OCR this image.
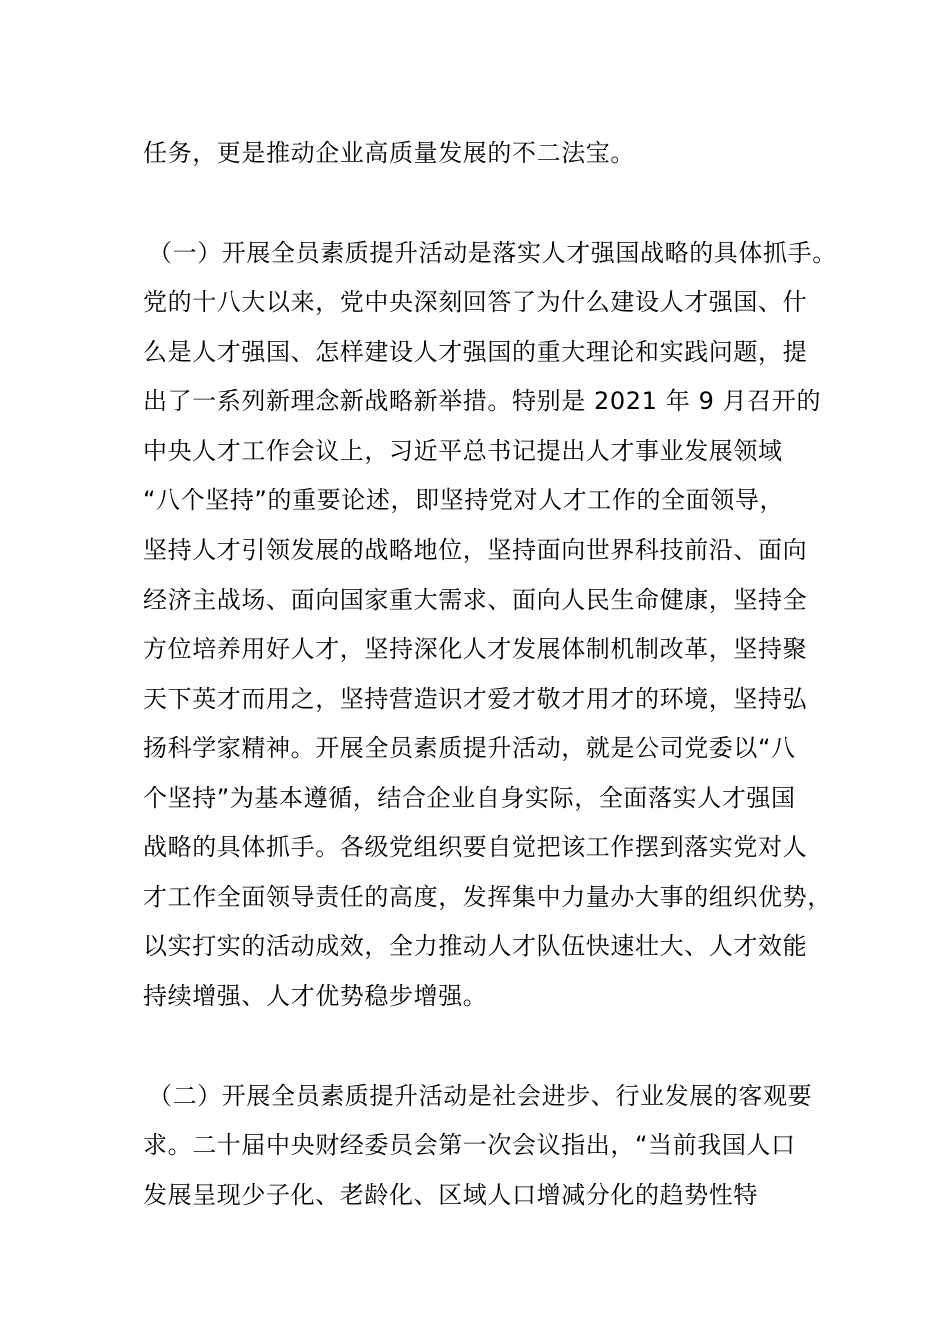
任务，更是推动企业高质量发展的不二法宝。
（一）开展全员素质提升活动是落实人才强国战略的具体抓手。
党的十八大以来，党中央深刻回答了为什么建设人才强国、什
么是人才强国、怎样建设人才强国的重大理论和实践问题，提
出了一系列新理念新战略新举措。特别是 2021 年 9 月召开的
中央人才工作会议上，习近平总书记提出人才事业发展领域
“八个坚持”的重要论述，即坚持党对人才工作的全面领导，
坚持人才引领发展的战略地位，坚持面向世界科技前沿、面向
经济主战场、面向国家重大需求、面向人民生命健康，坚持全
方位培养用好人才，坚持深化人才发展体制机制改革，坚持聚
天下英才而用之，坚持营造识才爱才敬才用才的环境，坚持弘
扬科学家精神。开展全员素质提升活动，就是公司党委以“八
个坚持”为基本遵循，结合企业自身实际，全面落实人才强国
战略的具体抓手。各级党组织要自觉把该工作摆到落实党对人
才工作全面领导责任的高度，发挥集中力量办大事的组织优势，
以实打实的活动成效，全力推动人才队伍快速壮大、人才效能
持续增强、人才优势稳步增强。
（二）开展全员素质提升活动是社会进步、行业发展的客观要
求。二十届中央财经委员会第一次会议指出，“当前我国人口
发展呈现少子化、老龄化、区域人口增减分化的趋势性特
